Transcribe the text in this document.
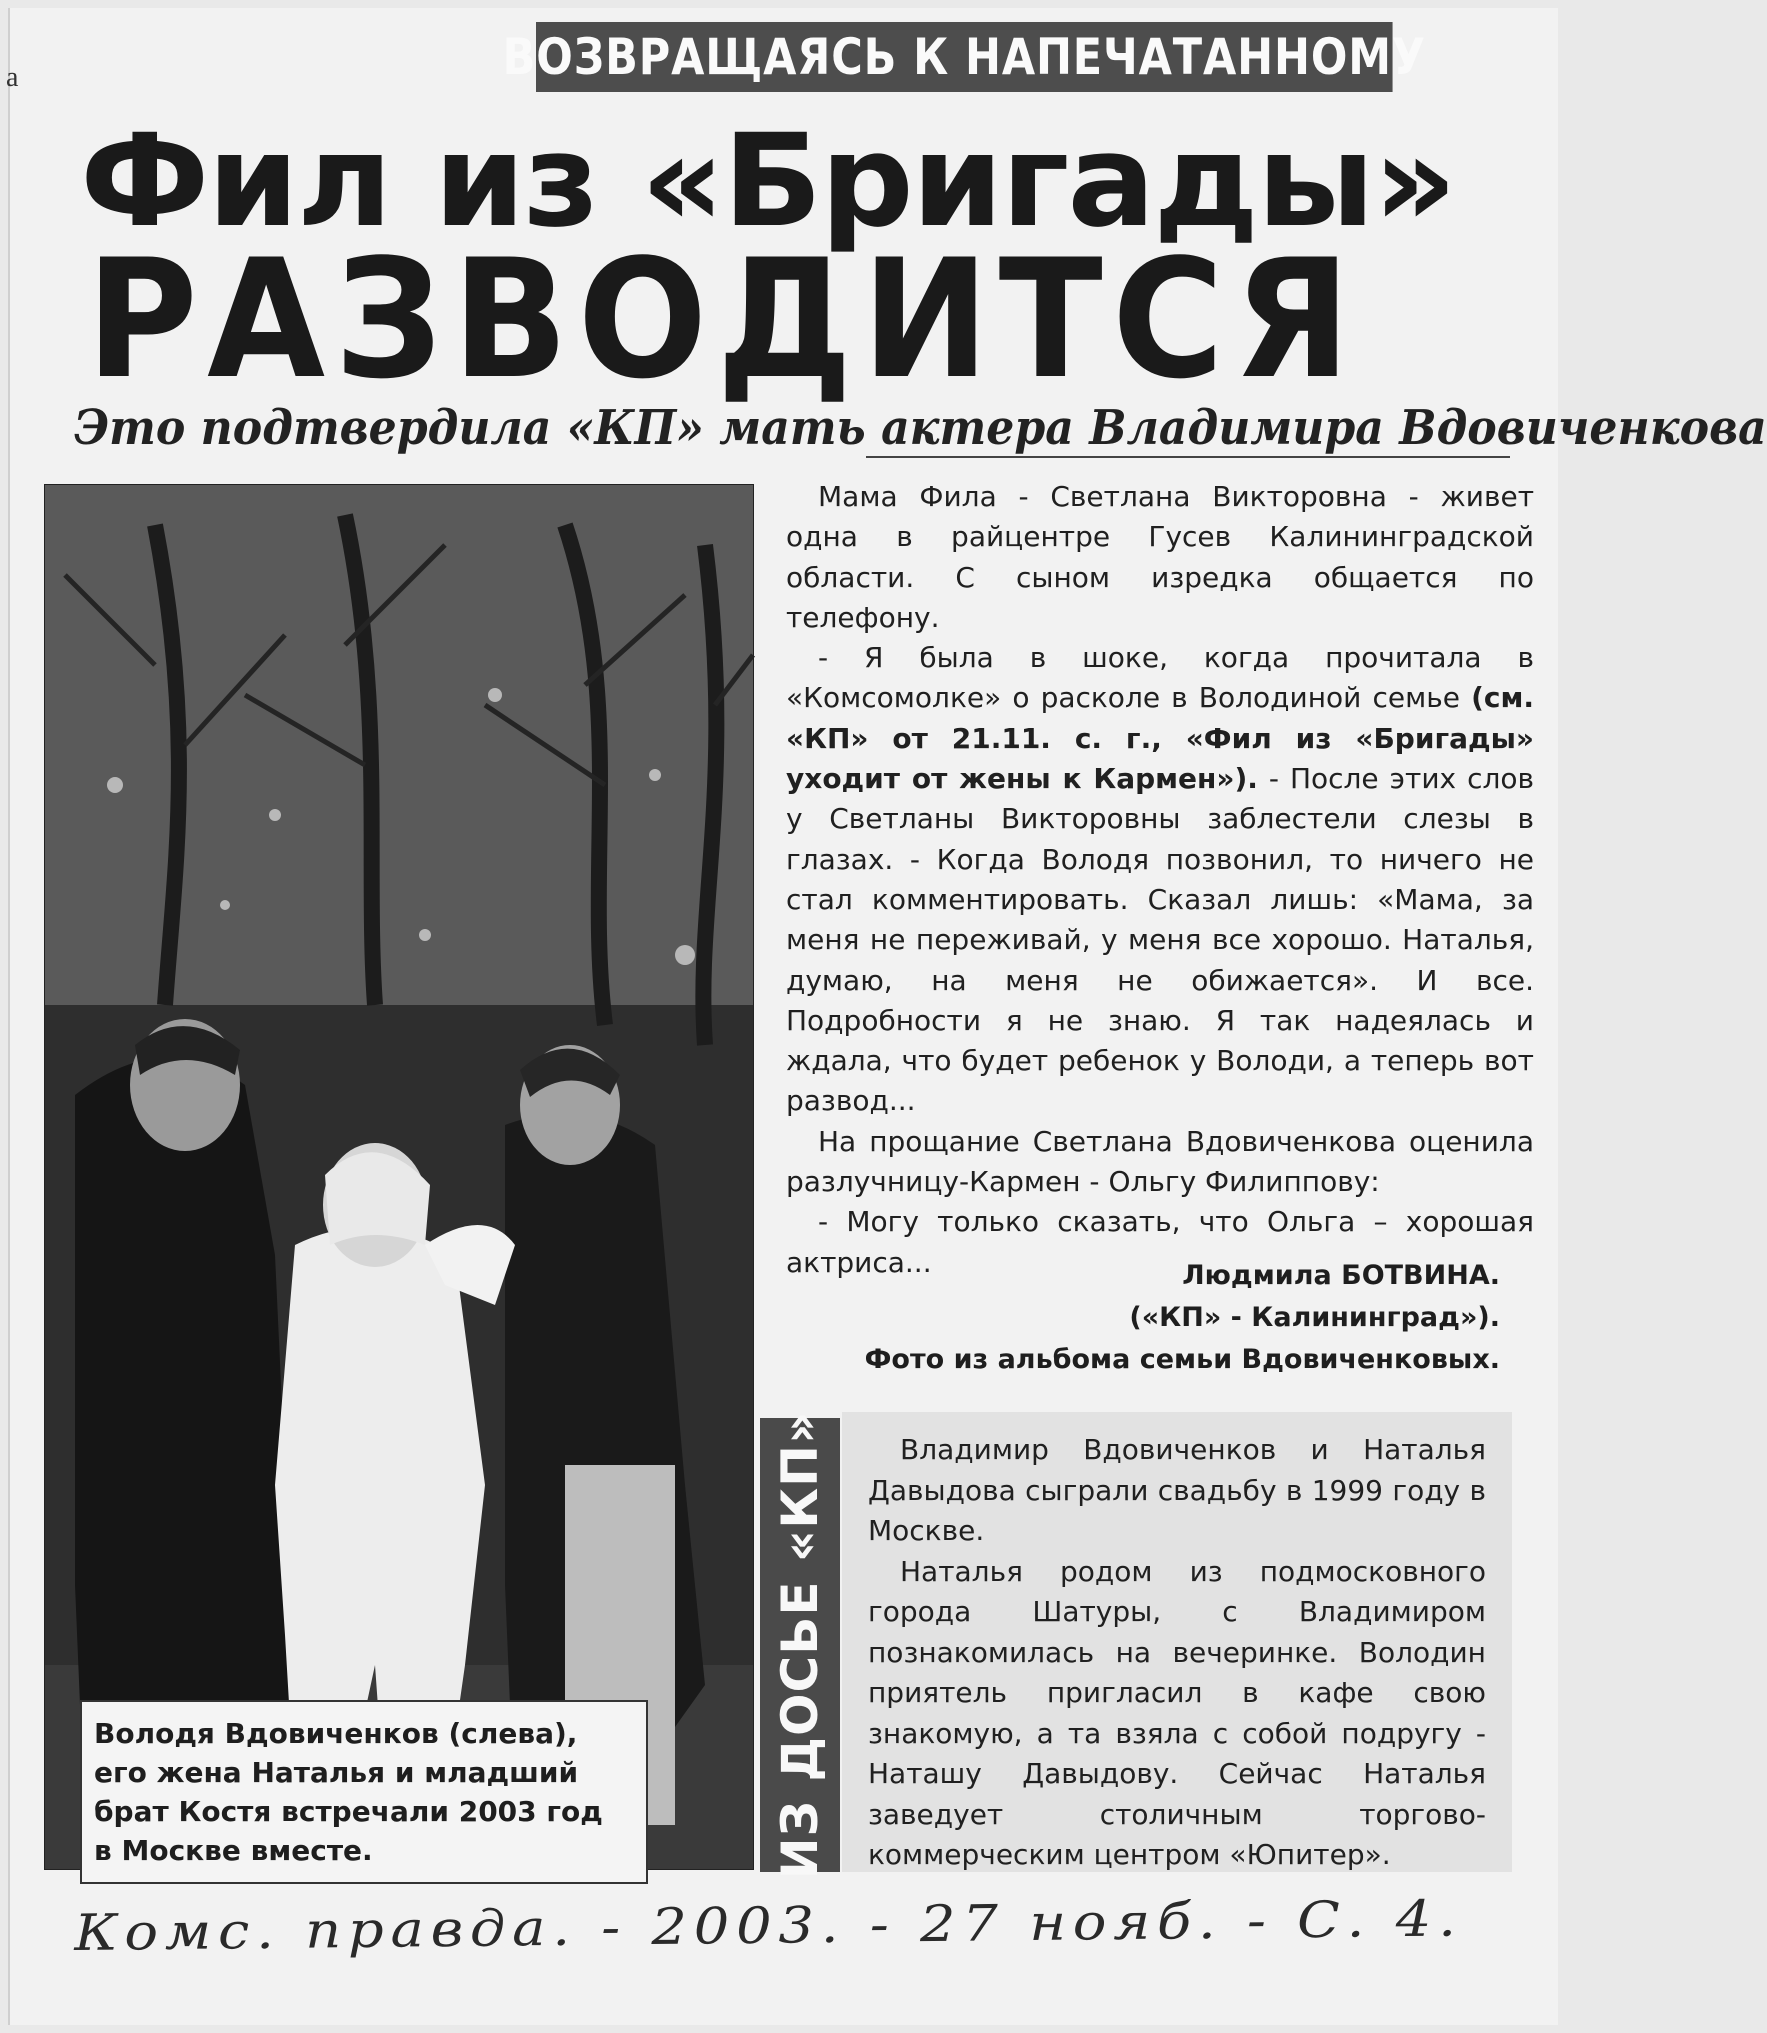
а	ВОЗВРАЩАЯСЬ К НАПЕЧАТАННОМУ
Фил из «Бригады»
РАЗВОДИТСЯ
Это подтвердила «КП» мать актера Владимира Вдовиченкова

Володя Вдовиченков (слева),

его жена Наталья и младший

брат Костя встречали 2003 год

в Москве вместе.

Мама Фила - Светлана Викторовна - живет одна в райцентре Гусев Калининградской области. С сыном изредка общается по телефону.

- Я была в шоке, когда прочитала в «Комсомолке» о расколе в Володиной семье (см. «КП» от 21.11. с. г., «Фил из «Бригады» уходит от жены к Кармен»). - После этих слов у Светланы Викторовны заблестели слезы в глазах. - Когда Володя позвонил, то ничего не стал комментировать. Сказал лишь: «Мама, за меня не переживай, у меня все хорошо. Наталья, думаю, на меня не обижается». И все. Подробности я не знаю. Я так надеялась и ждала, что будет ребенок у Володи, а теперь вот развод...

На прощание Светлана Вдовиченкова оценила разлучницу-Кармен - Ольгу Филиппову:

- Могу только сказать, что Ольга – хорошая актриса...	Людмила БОТВИНА.
(«КП» - Калининград»).
Фото из альбома семьи Вдовиченковых.
ИЗ ДОСЬЕ «КП»	Владимир Вдовиченков и Наталья Давыдова сыграли свадьбу в 1999 году в Москве.

Наталья родом из подмосковного города Шатуры, с Владимиром познакомилась на вечеринке. Володин приятель пригласил в кафе свою знакомую, а та взяла с собой подругу - Наташу Давыдову. Сейчас Наталья заведует столичным торгово-коммерческим центром «Юпитер».

Комс. правда. - 2003. - 27 нояб. - С. 4.
